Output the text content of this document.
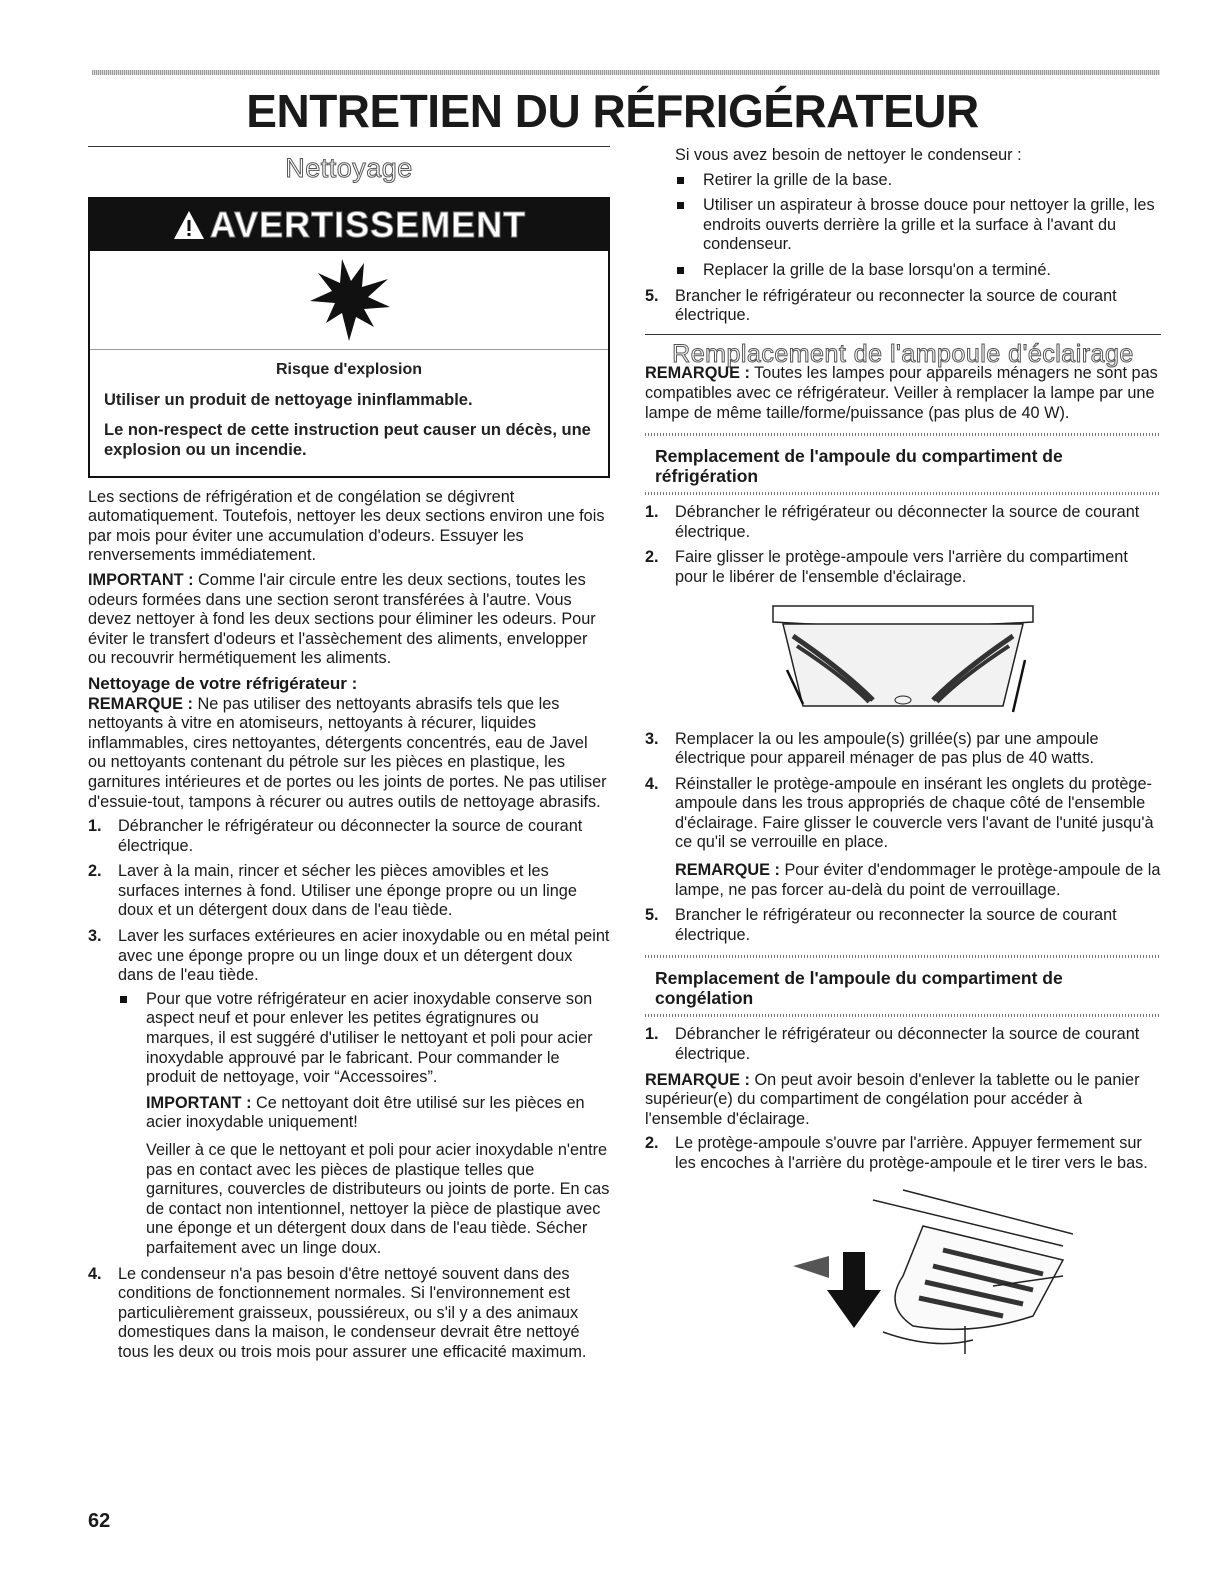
ENTRETIEN DU RÉFRIGÉRATEUR
Nettoyage
AVERTISSEMENT

Risque d'explosion

Utiliser un produit de nettoyage ininflammable.

Le non-respect de cette instruction peut causer un décès, une explosion ou un incendie.

Les sections de réfrigération et de congélation se dégivrent automatiquement. Toutefois, nettoyer les deux sections environ une fois par mois pour éviter une accumulation d'odeurs. Essuyer les renversements immédiatement.

IMPORTANT : Comme l'air circule entre les deux sections, toutes les odeurs formées dans une section seront transférées à l'autre. Vous devez nettoyer à fond les deux sections pour éliminer les odeurs. Pour éviter le transfert d'odeurs et l'assèchement des aliments, envelopper ou recouvrir hermétiquement les aliments.

Nettoyage de votre réfrigérateur :

REMARQUE : Ne pas utiliser des nettoyants abrasifs tels que les nettoyants à vitre en atomiseurs, nettoyants à récurer, liquides inflammables, cires nettoyantes, détergents concentrés, eau de Javel ou nettoyants contenant du pétrole sur les pièces en plastique, les garnitures intérieures et de portes ou les joints de portes. Ne pas utiliser d'essuie-tout, tampons à récurer ou autres outils de nettoyage abrasifs.

1. Débrancher le réfrigérateur ou déconnecter la source de courant électrique.
2. Laver à la main, rincer et sécher les pièces amovibles et les surfaces internes à fond. Utiliser une éponge propre ou un linge doux et un détergent doux dans de l'eau tiède.
3. Laver les surfaces extérieures en acier inoxydable ou en métal peint avec une éponge propre ou un linge doux et un détergent doux dans de l'eau tiède.
Pour que votre réfrigérateur en acier inoxydable conserve son aspect neuf et pour enlever les petites égratignures ou marques, il est suggéré d'utiliser le nettoyant et poli pour acier inoxydable approuvé par le fabricant. Pour commander le produit de nettoyage, voir “Accessoires”.

IMPORTANT : Ce nettoyant doit être utilisé sur les pièces en acier inoxydable uniquement!

Veiller à ce que le nettoyant et poli pour acier inoxydable n'entre pas en contact avec les pièces de plastique telles que garnitures, couvercles de distributeurs ou joints de porte. En cas de contact non intentionnel, nettoyer la pièce de plastique avec une éponge et un détergent doux dans de l'eau tiède. Sécher parfaitement avec un linge doux.

4. Le condenseur n'a pas besoin d'être nettoyé souvent dans des conditions de fonctionnement normales. Si l'environnement est particulièrement graisseux, poussiéreux, ou s'il y a des animaux domestiques dans la maison, le condenseur devrait être nettoyé tous les deux ou trois mois pour assurer une efficacité maximum.

Si vous avez besoin de nettoyer le condenseur :

Retirer la grille de la base.
Utiliser un aspirateur à brosse douce pour nettoyer la grille, les endroits ouverts derrière la grille et la surface à l'avant du condenseur.
Replacer la grille de la base lorsqu'on a terminé.
5. Brancher le réfrigérateur ou reconnecter la source de courant électrique.
Remplacement de l'ampoule d'éclairage

REMARQUE : Toutes les lampes pour appareils ménagers ne sont pas compatibles avec ce réfrigérateur. Veiller à remplacer la lampe par une lampe de même taille/forme/puissance (pas plus de 40 W).

Remplacement de l'ampoule du compartiment de réfrigération
1. Débrancher le réfrigérateur ou déconnecter la source de courant électrique.
2. Faire glisser le protège-ampoule vers l'arrière du compartiment pour le libérer de l'ensemble d'éclairage.
3. Remplacer la ou les ampoule(s) grillée(s) par une ampoule électrique pour appareil ménager de pas plus de 40 watts.
4. Réinstaller le protège-ampoule en insérant les onglets du protège-ampoule dans les trous appropriés de chaque côté de l'ensemble d'éclairage. Faire glisser le couvercle vers l'avant de l'unité jusqu'à ce qu'il se verrouille en place.

REMARQUE : Pour éviter d'endommager le protège-ampoule de la lampe, ne pas forcer au-delà du point de verrouillage.

5. Brancher le réfrigérateur ou reconnecter la source de courant électrique.
Remplacement de l'ampoule du compartiment de congélation
1. Débrancher le réfrigérateur ou déconnecter la source de courant électrique.

REMARQUE : On peut avoir besoin d'enlever la tablette ou le panier supérieur(e) du compartiment de congélation pour accéder à l'ensemble d'éclairage.

2. Le protège-ampoule s'ouvre par l'arrière. Appuyer fermement sur les encoches à l'arrière du protège-ampoule et le tirer vers le bas.
62
